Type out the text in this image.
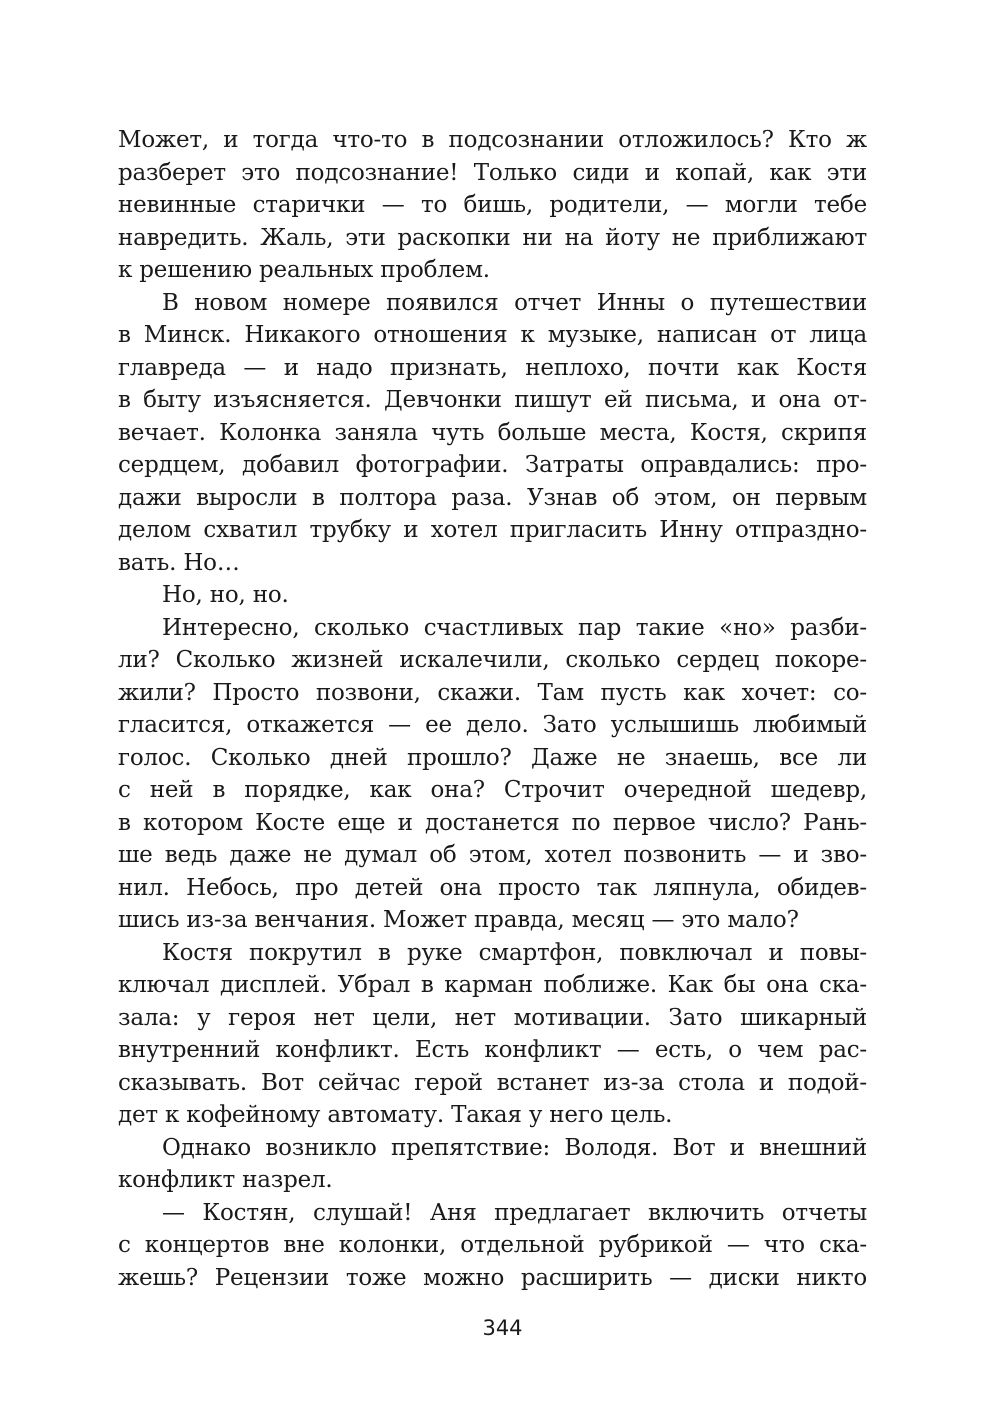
Может, и тогда что-то в подсознании отложилось? Кто ж
разберет это подсознание! Только сиди и копай, как эти
невинные старички — то бишь, родители, — могли тебе
навредить. Жаль, эти раскопки ни на йоту не приближают
к решению реальных проблем.
В новом номере появился отчет Инны о путешествии
в Минск. Никакого отношения к музыке, написан от лица
главреда — и надо признать, неплохо, почти как Костя
в быту изъясняется. Девчонки пишут ей письма, и она от-
вечает. Колонка заняла чуть больше места, Костя, скрипя
сердцем, добавил фотографии. Затраты оправдались: про-
дажи выросли в полтора раза. Узнав об этом, он первым
делом схватил трубку и хотел пригласить Инну отпраздно-
вать. Но…
Но, но, но.
Интересно, сколько счастливых пар такие «но» разби-
ли? Сколько жизней искалечили, сколько сердец покоре-
жили? Просто позвони, скажи. Там пусть как хочет: со-
гласится, откажется — ее дело. Зато услышишь любимый
голос. Сколько дней прошло? Даже не знаешь, все ли
с ней в порядке, как она? Строчит очередной шедевр,
в котором Косте еще и достанется по первое число? Рань-
ше ведь даже не думал об этом, хотел позвонить — и зво-
нил. Небось, про детей она просто так ляпнула, обидев-
шись из-за венчания. Может правда, месяц — это мало?
Костя покрутил в руке смартфон, повключал и повы-
ключал дисплей. Убрал в карман поближе. Как бы она ска-
зала: у героя нет цели, нет мотивации. Зато шикарный
внутренний конфликт. Есть конфликт — есть, о чем рас-
сказывать. Вот сейчас герой встанет из-за стола и подой-
дет к кофейному автомату. Такая у него цель.
Однако возникло препятствие: Володя. Вот и внешний
конфликт назрел.
— Костян, слушай! Аня предлагает включить отчеты
с концертов вне колонки, отдельной рубрикой — что ска-
жешь? Рецензии тоже можно расширить — диски никто
344
